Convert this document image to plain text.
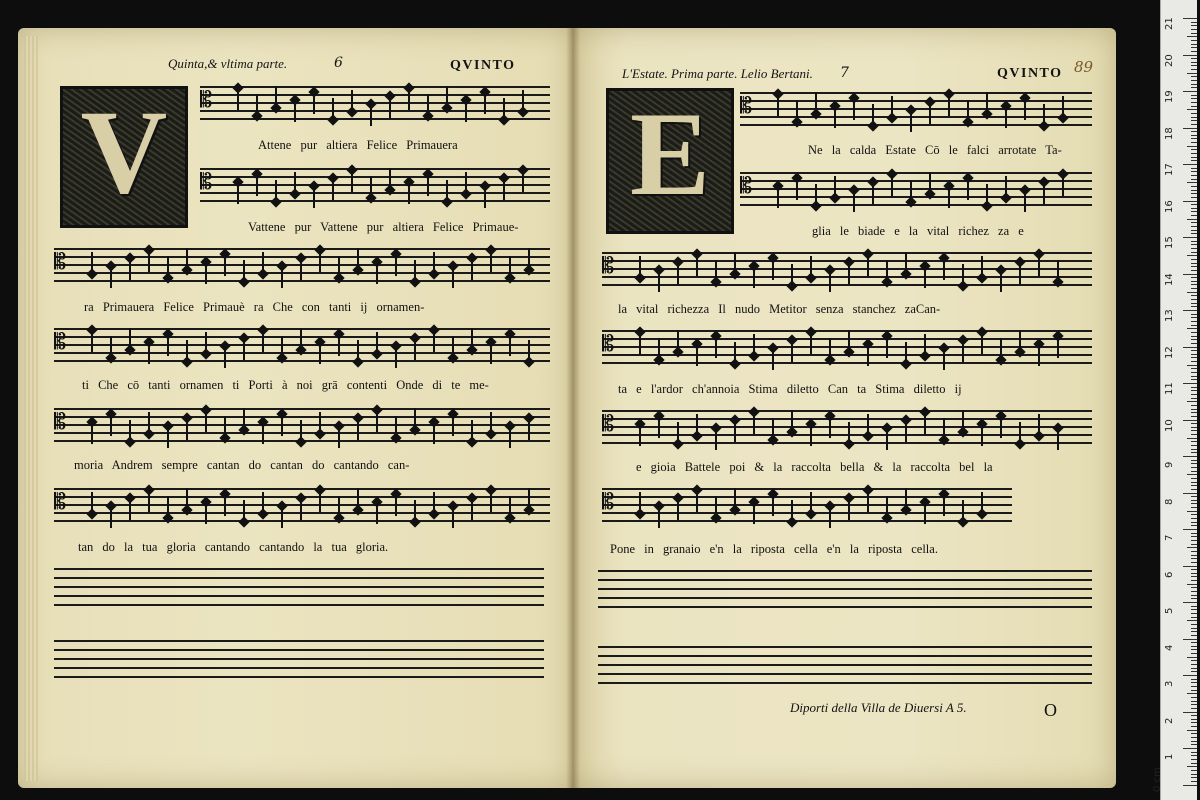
Quinta,& vltima parte.	6	QVINTO
V	𝄡
Attene pur altiera Felice Primauera
𝄡
Vattene pur Vattene pur altiera Felice Primaue-
𝄡
ra Primauera Felice Primauè ra Che con tanti ij ornamen-
𝄡
ti Che cō tanti ornamen ti Porti à noi grā contenti Onde di te me-
𝄡
moria Andrem sempre cantan do cantan do cantando can-
𝄡
tan do la tua gloria cantando cantando la tua gloria.
L'Estate. Prima parte. Lelio Bertani. 7	QVINTO 89
E	𝄡
Ne la calda Estate Cō le falci arrotate Ta-
𝄡
glia le biade e la vital richez za e
𝄡
la vital richezza Il nudo Metitor senza stanchez zaCan-
𝄡
ta e l'ardor ch'annoia Stima diletto Can ta Stima diletto ij
𝄡
e gioia Battele poi & la raccolta bella & la raccolta bel la
𝄡
Pone in granaio e'n la riposta cella e'n la riposta cella.
Diporti della Villa de Diuersi A 5.	O
0 cm
21
20
19
18
17
16
15
14
13
12
11
10
9
8
7
6
5
4
3
2
1
